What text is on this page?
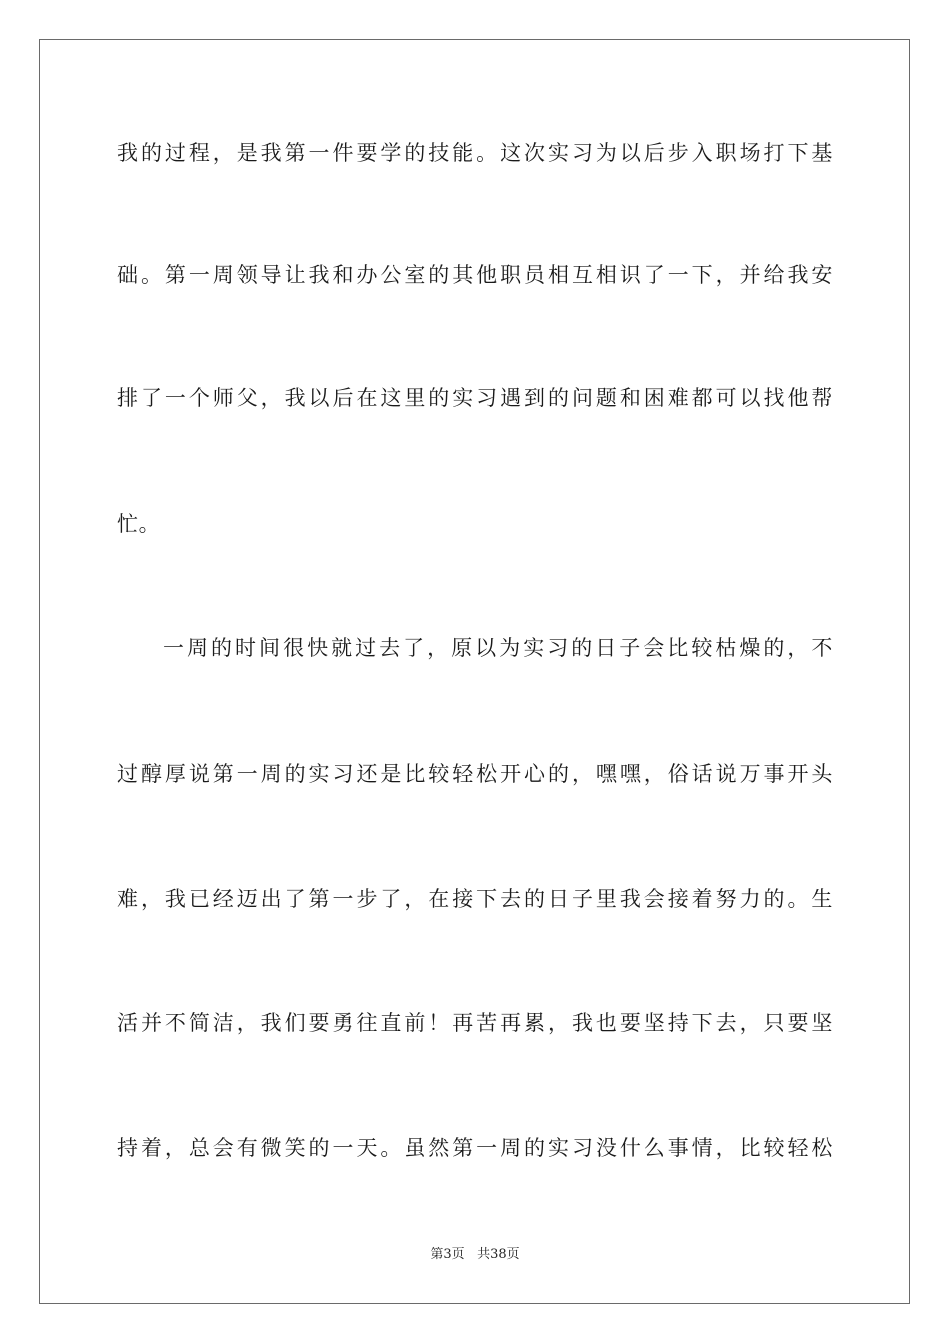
我的过程，是我第一件要学的技能。这次实习为以后步入职场打下基
础。第一周领导让我和办公室的其他职员相互相识了一下，并给我安
排了一个师父，我以后在这里的实习遇到的问题和困难都可以找他帮
忙。
一周的时间很快就过去了，原以为实习的日子会比较枯燥的，不
过醇厚说第一周的实习还是比较轻松开心的，嘿嘿，俗话说万事开头
难，我已经迈出了第一步了，在接下去的日子里我会接着努力的。生
活并不简洁，我们要勇往直前！再苦再累，我也要坚持下去，只要坚
持着，总会有微笑的一天。虽然第一周的实习没什么事情，比较轻松
第3页 共38页
